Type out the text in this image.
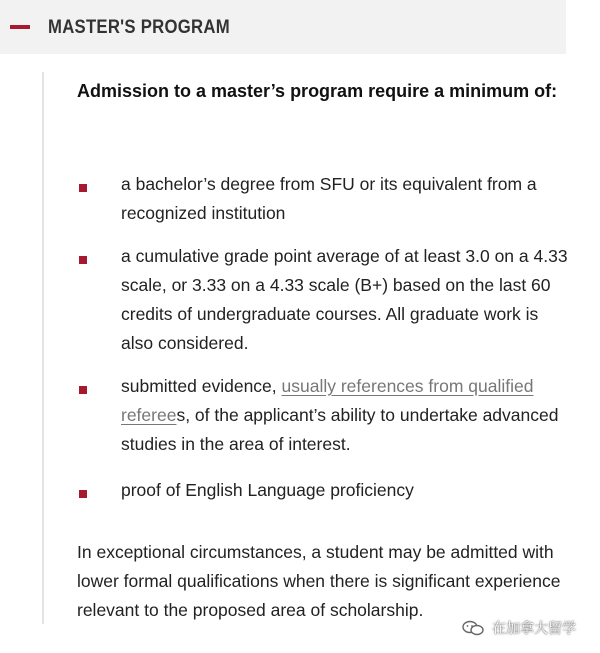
MASTER'S PROGRAM

Admission to a master’s program require a minimum of:

a bachelor’s degree from SFU or its equivalent from a recognized institution
a cumulative grade point average of at least 3.0 on a 4.33 scale, or 3.33 on a 4.33 scale (B+) based on the last 60 credits of undergraduate courses. All graduate work is also considered.
submitted evidence, usually references from qualified referees, of the applicant’s ability to undertake advanced studies in the area of interest.
proof of English Language proficiency

In exceptional circumstances, a student may be admitted with lower formal qualifications when there is significant experience relevant to the proposed area of scholarship.

在加拿大留学
